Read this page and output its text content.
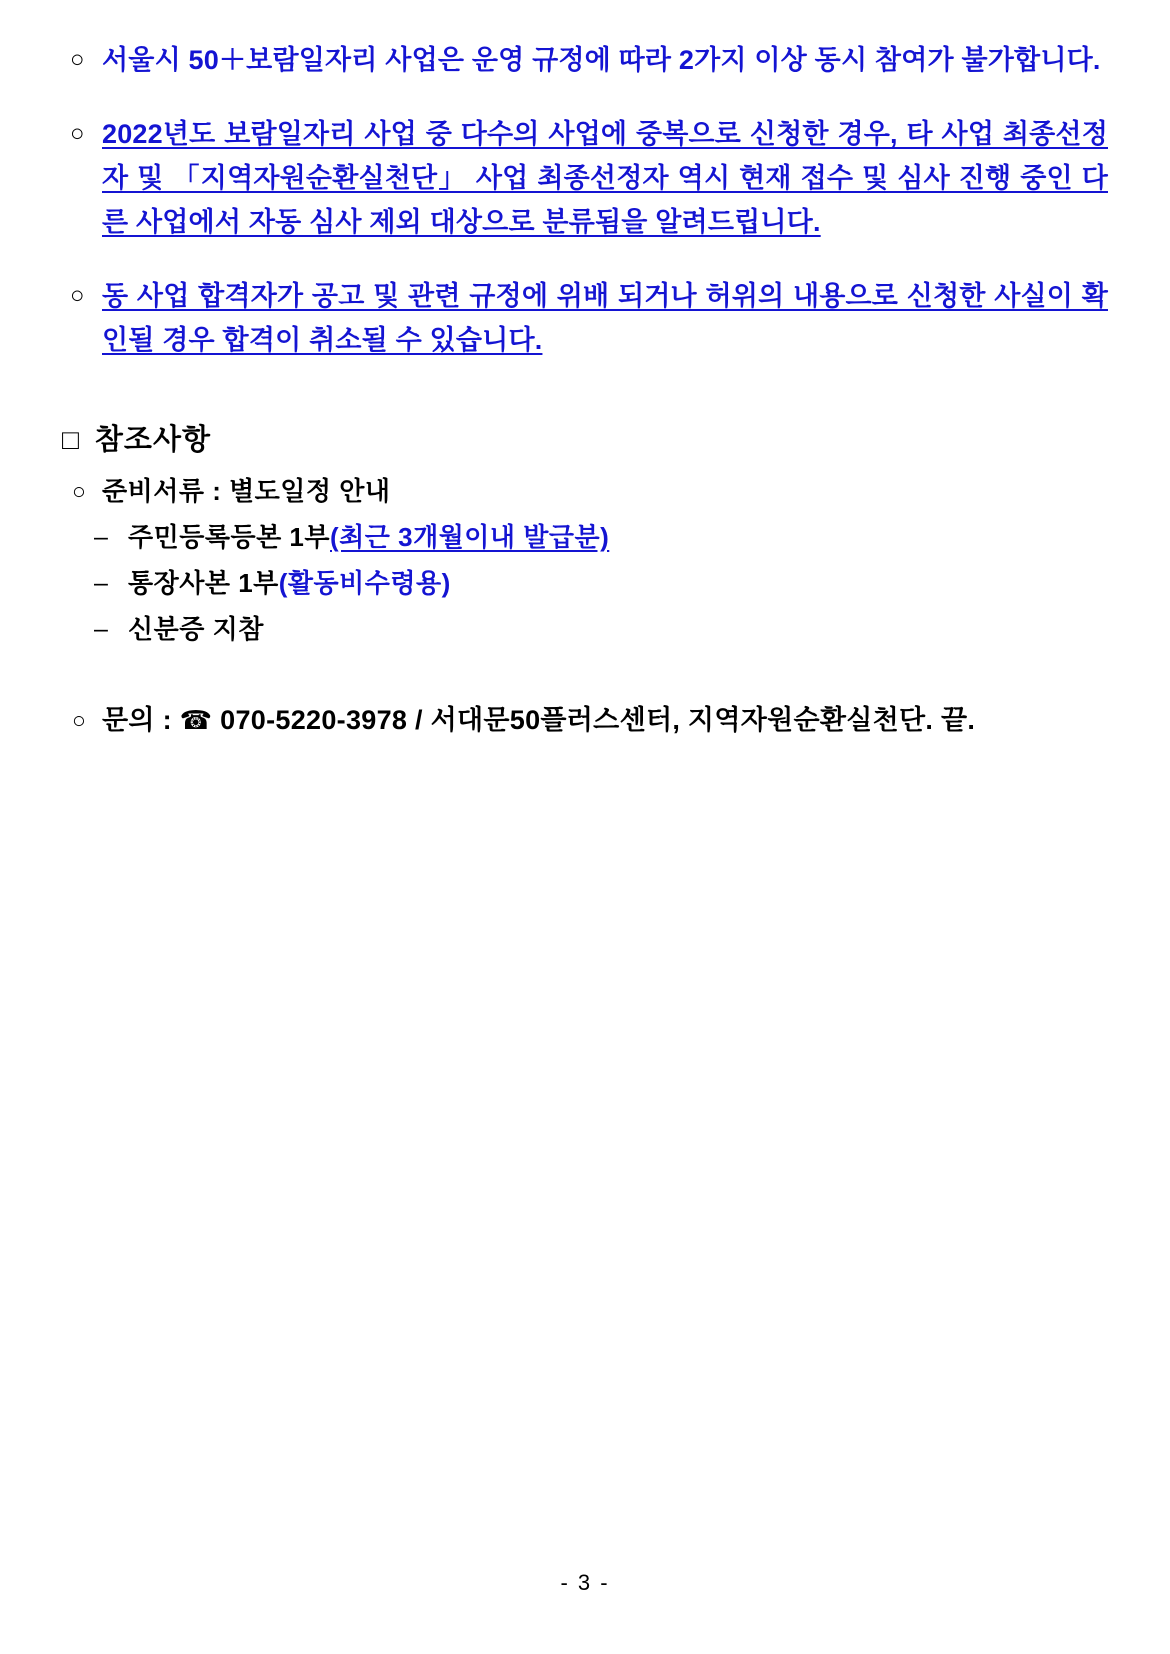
○ 서울시 50＋보람일자리 사업은 운영 규정에 따라 2가지 이상 동시 참여가 불가합니다.
○ 2022년도 보람일자리 사업 중 다수의 사업에 중복으로 신청한 경우, 타 사업 최종선정자 및 「지역자원순환실천단」 사업 최종선정자 역시 현재 접수 및 심사 진행 중인 다른 사업에서 자동 심사 제외 대상으로 분류됨을 알려드립니다.
○ 동 사업 합격자가 공고 및 관련 규정에 위배 되거나 허위의 내용으로 신청한 사실이 확인될 경우 합격이 취소될 수 있습니다.
□ 참조사항
○ 준비서류 : 별도일정 안내
– 주민등록등본 1부(최근 3개월이내 발급분)
– 통장사본 1부(활동비수령용)
– 신분증 지참
○ 문의 : ☎ 070-5220-3978 / 서대문50플러스센터, 지역자원순환실천단. 끝.
- 3 -
